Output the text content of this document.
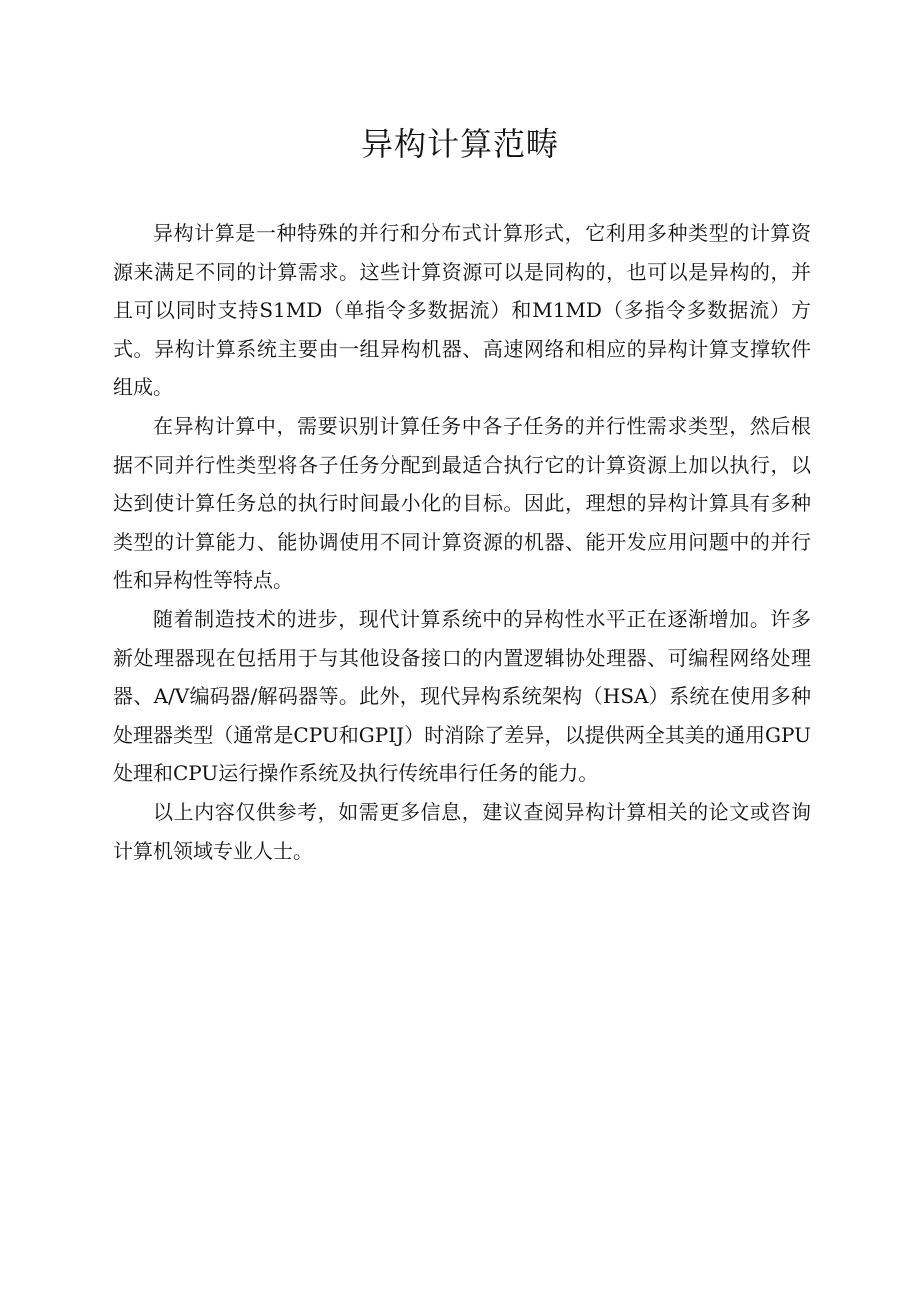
异构计算范畴

异构计算是一种特殊的并行和分布式计算形式，它利用多种类型的计算资源来满足不同的计算需求。这些计算资源可以是同构的，也可以是异构的，并且可以同时支持S1MD（单指令多数据流）和M1MD（多指令多数据流）方式。异构计算系统主要由一组异构机器、高速网络和相应的异构计算支撑软件组成。

在异构计算中，需要识别计算任务中各子任务的并行性需求类型，然后根据不同并行性类型将各子任务分配到最适合执行它的计算资源上加以执行，以达到使计算任务总的执行时间最小化的目标。因此，理想的异构计算具有多种类型的计算能力、能协调使用不同计算资源的机器、能开发应用问题中的并行性和异构性等特点。

随着制造技术的进步，现代计算系统中的异构性水平正在逐渐增加。许多新处理器现在包括用于与其他设备接口的内置逻辑协处理器、可编程网络处理器、A/V编码器/解码器等。此外，现代异构系统架构（HSA）系统在使用多种处理器类型（通常是CPU和GPIJ）时消除了差异，以提供两全其美的通用GPU处理和CPU运行操作系统及执行传统串行任务的能力。

以上内容仅供参考，如需更多信息，建议查阅异构计算相关的论文或咨询计算机领域专业人士。
